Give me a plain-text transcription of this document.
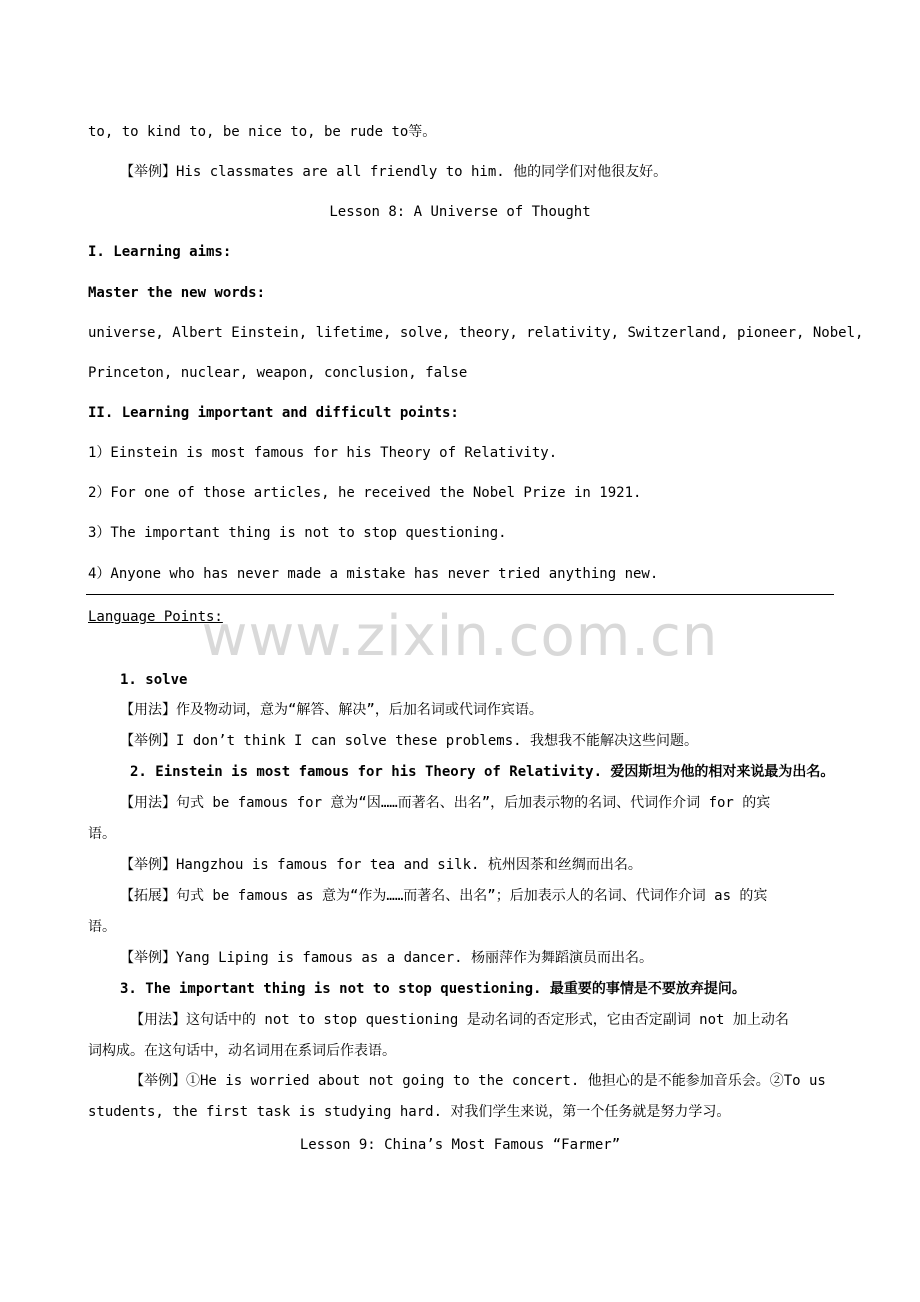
to, to kind to, be nice to, be rude to等。
【举例】His classmates are all friendly to him. 他的同学们对他很友好。
Lesson 8: A Universe of Thought
I. Learning aims:
Master the new words:
universe, Albert Einstein, lifetime, solve, theory, relativity, Switzerland, pioneer, Nobel,
Princeton, nuclear, weapon, conclusion, false
II. Learning important and difficult points:
1）Einstein is most famous for his Theory of Relativity.
2）For one of those articles, he received the Nobel Prize in 1921.
3）The important thing is not to stop questioning.
4）Anyone who has never made a mistake has never tried anything new.
Language Points:
www.zixin.com.cn
1. solve
【用法】作及物动词，意为“解答、解决”，后加名词或代词作宾语。
【举例】I don’t think I can solve these problems. 我想我不能解决这些问题。
2. Einstein is most famous for his Theory of Relativity. 爱因斯坦为他的相对来说最为出名。
【用法】句式 be famous for 意为“因……而著名、出名”，后加表示物的名词、代词作介词 for 的宾
语。
【举例】Hangzhou is famous for tea and silk. 杭州因茶和丝绸而出名。
【拓展】句式 be famous as 意为“作为……而著名、出名”；后加表示人的名词、代词作介词 as 的宾
语。
【举例】Yang Liping is famous as a dancer. 杨丽萍作为舞蹈演员而出名。
3. The important thing is not to stop questioning. 最重要的事情是不要放弃提问。
【用法】这句话中的 not to stop questioning 是动名词的否定形式，它由否定副词 not 加上动名
词构成。在这句话中，动名词用在系词后作表语。
【举例】①He is worried about not going to the concert. 他担心的是不能参加音乐会。②To us
students, the first task is studying hard. 对我们学生来说，第一个任务就是努力学习。
Lesson 9: China’s Most Famous “Farmer”
